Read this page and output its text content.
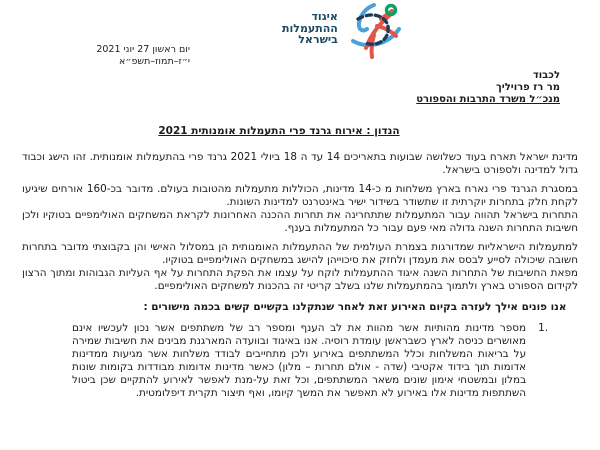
איגוד
ההתעמלות
בישראל
יום ראשון 27 יוני 2021
י״ז–תמוז–תשפ״א
לכבוד
מר רז פרויליך
מנכ״ל משרד התרבות והספורט
הנדון : אירוח גרנד פרי התעמלות אומנותית 2021

מדינת ישראל תארח בעוד כשלושה שבועות בתאריכים 14 עד ה 18 ביולי 2021 גרנד פרי בהתעמלות אומנותית. זהו הישג וכבוד גדול למדינה ולספורט בישראל.

במסגרת הגרנד פרי נארח בארץ משלחות מ כ-14 מדינות, הכוללות מתעמלות מהטובות בעולם. מדובר בכ-160 אורחים שיגיעו לקחת חלק בתחרות יוקרתית זו שתשודר בשידור ישיר באינטרנט למדינות השונות.

התחרות בישראל תהווה עבור המתעמלות שתתחרינה את תחרות ההכנה האחרונות לקראת המשחקים האולימפיים בטוקיו ולכן חשיבות התחרות השנה גדולה מאי פעם עבור כל המתעמלות בענף.

למתעמלות הישראליות שמדורגות בצמרת העולמית של ההתעמלות האומנותית הן במסלול האישי והן בקבוצתי מדובר בתחרות חשובה שיכולה לסייע לבסס את מעמדן ולחזק את סיכוייהן להישג במשחקים האולימפיים בטוקיו.

מפאת החשיבות של התחרות השנה איגוד ההתעמלות לוקח על עצמו את הפקת התחרות על אף העליות הגבוהות ומתוך הרצון לקידום הספורט בארץ ולתמוך בהמתעמלות שלנו בשלב קריטי זה בהכנות למשחקים האולימפיים.

אנו פונים אילך לעזרה בקיום האירוע זאת לאחר שנתקלנו בקשיים קשים בכמה מישורים :
1.
מספר מדינות מהותיות אשר מהוות את לב הענף ומספר רב של משתתפים אשר נכון לעכשיו אינם מאושרים כניסה לארץ כשבראשן עומדת רוסיה. אנו באיגוד ובוועדה המארגנת מבינים את חשיבות שמירה על בריאות המשלחות וכלל המשתתפים באירוע ולכן מתחייבים לבודד משלחות אשר מגיעות ממדינות אדומות תוך בידוד אקטיבי (שדה - אולם תחרות – מלון) כאשר מדינות אדומות מבודדות בקומות שונות במלון ובמשטחי אימון שונים משאר המשתתפים, וכל זאת על-מנת לאפשר לאירוע להתקיים שכן ביטול השתתפות מדינות אלו באירוע לא תאפשר את המשך קיומו, ואף תיצור תקרית דיפלומטית.
